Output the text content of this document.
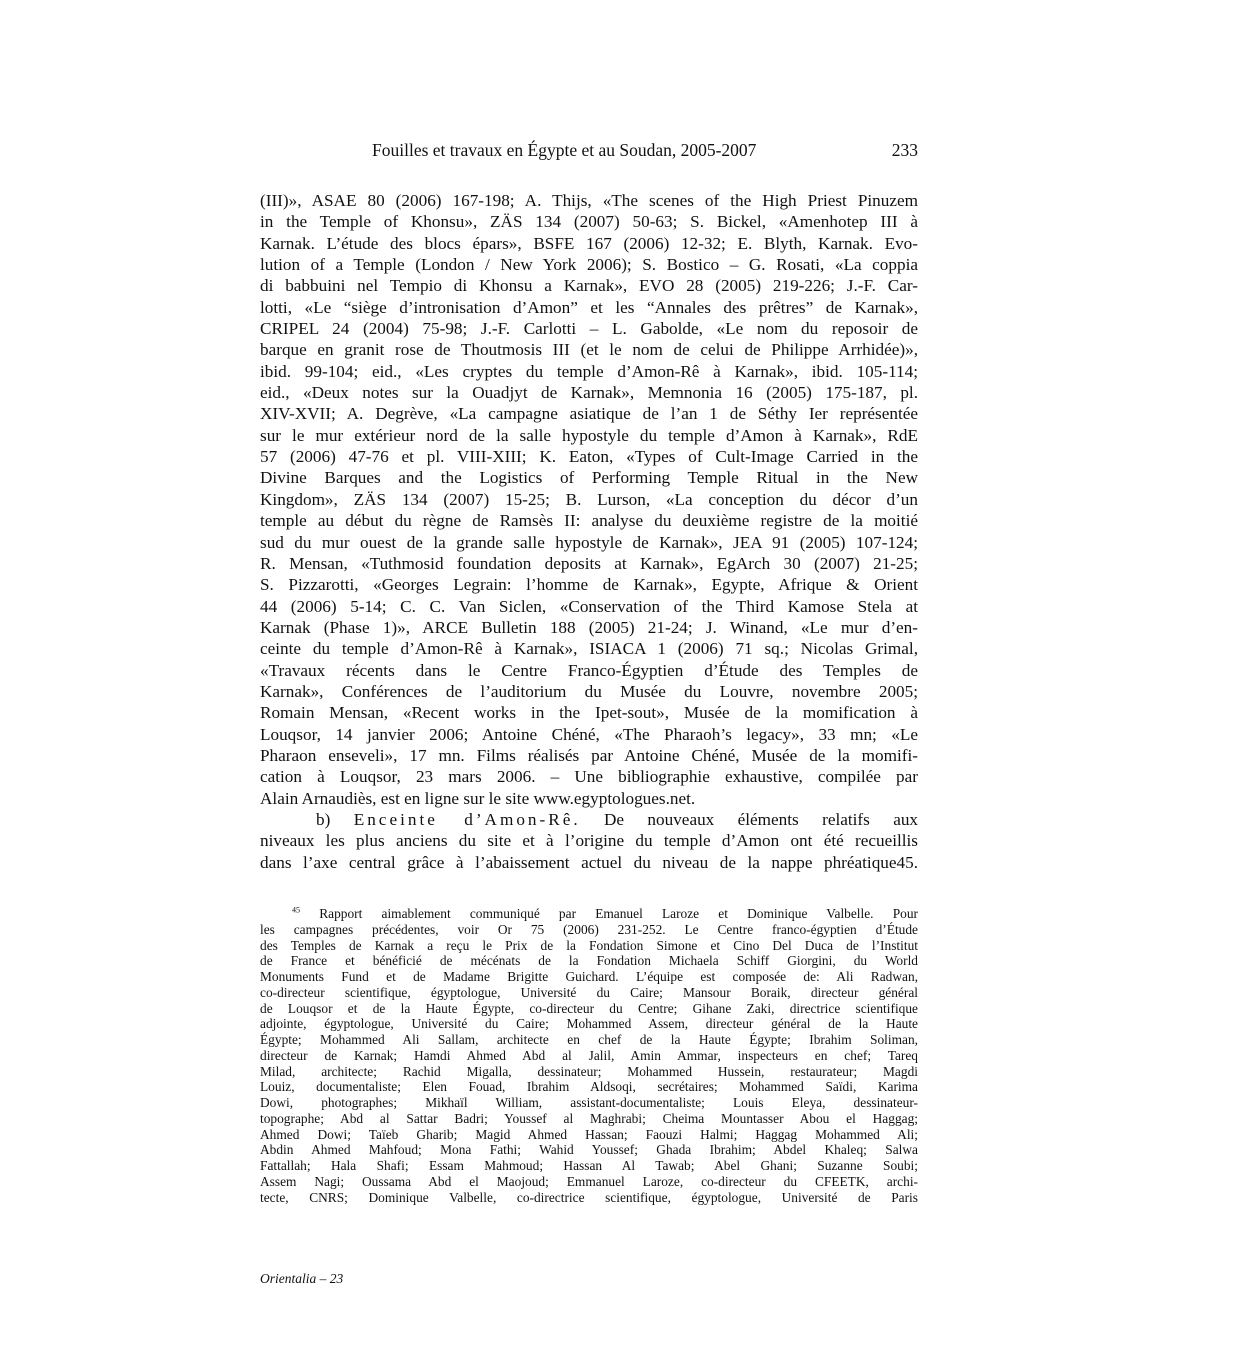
Fouilles et travaux en Égypte et au Soudan, 2005-2007	233
(III)», ASAE 80 (2006) 167-198; A. Thijs, «The scenes of the High Priest Pinuzem
in the Temple of Khonsu», ZÄS 134 (2007) 50-63; S. Bickel, «Amenhotep III à
Karnak. L’étude des blocs épars», BSFE 167 (2006) 12-32; E. Blyth, Karnak. Evo-
lution of a Temple (London / New York 2006); S. Bostico – G. Rosati, «La coppia
di babbuini nel Tempio di Khonsu a Karnak», EVO 28 (2005) 219-226; J.-F. Car-
lotti, «Le “siège d’intronisation d’Amon” et les “Annales des prêtres” de Karnak»,
CRIPEL 24 (2004) 75-98; J.-F. Carlotti – L. Gabolde, «Le nom du reposoir de
barque en granit rose de Thoutmosis III (et le nom de celui de Philippe Arrhidée)»,
ibid. 99-104; eid., «Les cryptes du temple d’Amon-Rê à Karnak», ibid. 105-114;
eid., «Deux notes sur la Ouadjyt de Karnak», Memnonia 16 (2005) 175-187, pl.
XIV-XVII; A. Degrève, «La campagne asiatique de l’an 1 de Séthy Ier représentée
sur le mur extérieur nord de la salle hypostyle du temple d’Amon à Karnak», RdE
57 (2006) 47-76 et pl. VIII-XIII; K. Eaton, «Types of Cult-Image Carried in the
Divine Barques and the Logistics of Performing Temple Ritual in the New
Kingdom», ZÄS 134 (2007) 15-25; B. Lurson, «La conception du décor d’un
temple au début du règne de Ramsès II: analyse du deuxième registre de la moitié
sud du mur ouest de la grande salle hypostyle de Karnak», JEA 91 (2005) 107-124;
R. Mensan, «Tuthmosid foundation deposits at Karnak», EgArch 30 (2007) 21-25;
S. Pizzarotti, «Georges Legrain: l’homme de Karnak», Egypte, Afrique & Orient
44 (2006) 5-14; C. C. Van Siclen, «Conservation of the Third Kamose Stela at
Karnak (Phase 1)», ARCE Bulletin 188 (2005) 21-24; J. Winand, «Le mur d’en-
ceinte du temple d’Amon-Rê à Karnak», ISIACA 1 (2006) 71 sq.; Nicolas Grimal,
«Travaux récents dans le Centre Franco-Égyptien d’Étude des Temples de
Karnak», Conférences de l’auditorium du Musée du Louvre, novembre 2005;
Romain Mensan, «Recent works in the Ipet-sout», Musée de la momification à
Louqsor, 14 janvier 2006; Antoine Chéné, «The Pharaoh’s legacy», 33 mn; «Le
Pharaon enseveli», 17 mn. Films réalisés par Antoine Chéné, Musée de la momifi-
cation à Louqsor, 23 mars 2006. – Une bibliographie exhaustive, compilée par
Alain Arnaudiès, est en ligne sur le site www.egyptologues.net.
b) Enceinte d’Amon-Rê. De nouveaux éléments relatifs aux
niveaux les plus anciens du site et à l’origine du temple d’Amon ont été recueillis
dans l’axe central grâce à l’abaissement actuel du niveau de la nappe phréatique45.
$^{45}$ Rapport aimablement communiqué par Emanuel Laroze et Dominique Valbelle. Pour
les campagnes précédentes, voir Or 75 (2006) 231-252. Le Centre franco-égyptien d’Étude
des Temples de Karnak a reçu le Prix de la Fondation Simone et Cino Del Duca de l’Institut
de France et bénéficié de mécénats de la Fondation Michaela Schiff Giorgini, du World
Monuments Fund et de Madame Brigitte Guichard. L’équipe est composée de: Ali Radwan,
co-directeur scientifique, égyptologue, Université du Caire; Mansour Boraik, directeur général
de Louqsor et de la Haute Égypte, co-directeur du Centre; Gihane Zaki, directrice scientifique
adjointe, égyptologue, Université du Caire; Mohammed Assem, directeur général de la Haute
Égypte; Mohammed Ali Sallam, architecte en chef de la Haute Égypte; Ibrahim Soliman,
directeur de Karnak; Hamdi Ahmed Abd al Jalil, Amin Ammar, inspecteurs en chef; Tareq
Milad, architecte; Rachid Migalla, dessinateur; Mohammed Hussein, restaurateur; Magdi
Louiz, documentaliste; Elen Fouad, Ibrahim Aldsoqi, secrétaires; Mohammed Saïdi, Karima
Dowi, photographes; Mikhaïl William, assistant-documentaliste; Louis Eleya, dessinateur-
topographe; Abd al Sattar Badri; Youssef al Maghrabi; Cheima Mountasser Abou el Haggag;
Ahmed Dowi; Taïeb Gharib; Magid Ahmed Hassan; Faouzi Halmi; Haggag Mohammed Ali;
Abdin Ahmed Mahfoud; Mona Fathi; Wahid Youssef; Ghada Ibrahim; Abdel Khaleq; Salwa
Fattallah; Hala Shafi; Essam Mahmoud; Hassan Al Tawab; Abel Ghani; Suzanne Soubi;
Assem Nagi; Oussama Abd el Maojoud; Emmanuel Laroze, co-directeur du CFEETK, archi-
tecte, CNRS; Dominique Valbelle, co-directrice scientifique, égyptologue, Université de Paris
Orientalia – 23
